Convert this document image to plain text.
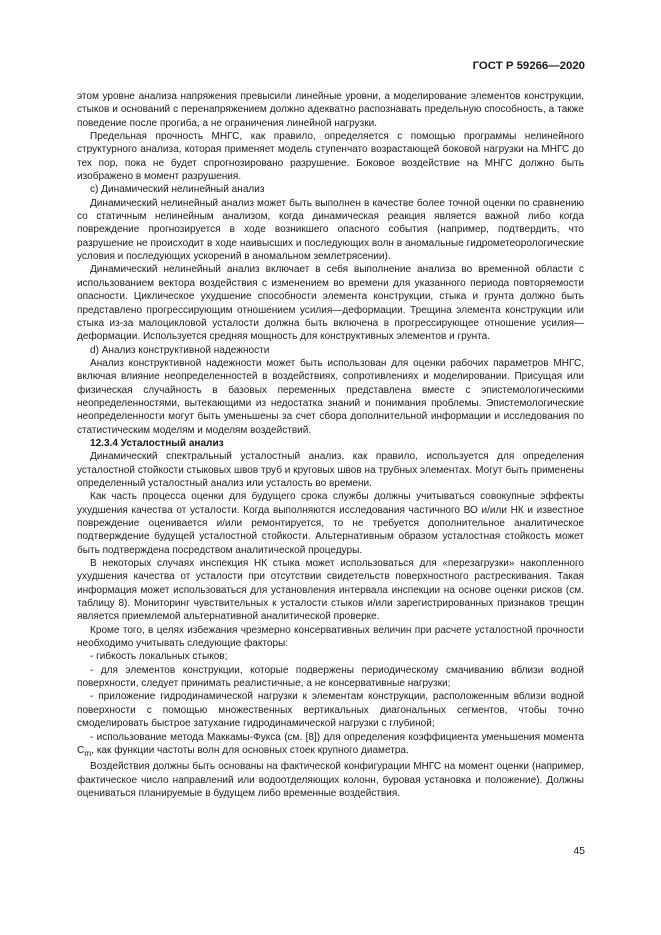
ГОСТ Р 59266—2020

этом уровне анализа напряжения превысили линейные уровни, а моделирование элементов конструкции, стыков и оснований с перенапряжением должно адекватно распознавать предельную способность, а также поведение после прогиба, а не ограничения линейной нагрузки.

Предельная прочность МНГС, как правило, определяется с помощью программы нелинейного структурного анализа, которая применяет модель ступенчато возрастающей боковой нагрузки на МНГС до тех пор, пока не будет спрогнозировано разрушение. Боковое воздействие на МНГС должно быть изображено в момент разрушения.

c) Динамический нелинейный анализ

Динамический нелинейный анализ может быть выполнен в качестве более точной оценки по сравнению со статичным нелинейным анализом, когда динамическая реакция является важной либо когда повреждение прогнозируется в ходе возникшего опасного события (например, подтвердить, что разрушение не происходит в ходе наивысших и последующих волн в аномальные гидрометеорологические условия и последующих ускорений в аномальном землетрясении).

Динамический нелинейный анализ включает в себя выполнение анализа во временной области с использованием вектора воздействия с изменением во времени для указанного периода повторяемости опасности. Циклическое ухудшение способности элемента конструкции, стыка и грунта должно быть представлено прогрессирующим отношением усилия—деформации. Трещина элемента конструкции или стыка из-за малоцикловой усталости должна быть включена в прогрессирующее отношение усилия—деформации. Используется средняя мощность для конструктивных элементов и грунта.

d) Анализ конструктивной надежности

Анализ конструктивной надежности может быть использован для оценки рабочих параметров МНГС, включая влияние неопределенностей в воздействиях, сопротивлениях и моделировании. Присущая или физическая случайность в базовых переменных представлена вместе с эпистемологическими неопределенностями, вытекающими из недостатка знаний и понимания проблемы. Эпистемологические неопределенности могут быть уменьшены за счет сбора дополнительной информации и исследования по статистическим моделям и моделям воздействий.

12.3.4 Усталостный анализ

Динамический спектральный усталостный анализ, как правило, используется для определения усталостной стойкости стыковых швов труб и круговых швов на трубных элементах. Могут быть применены определенный усталостный анализ или усталость во времени.

Как часть процесса оценки для будущего срока службы должны учитываться совокупные эффекты ухудшения качества от усталости. Когда выполняются исследования частичного ВО и/или НК и известное повреждение оценивается и/или ремонтируется, то не требуется дополнительное аналитическое подтверждение будущей усталостной стойкости. Альтернативным образом усталостная стойкость может быть подтверждена посредством аналитической процедуры.

В некоторых случаях инспекция НК стыка может использоваться для «перезагрузки» накопленного ухудшения качества от усталости при отсутствии свидетельств поверхностного растрескивания. Такая информация может использоваться для установления интервала инспекции на основе оценки рисков (см. таблицу 8). Мониторинг чувствительных к усталости стыков и/или зарегистрированных признаков трещин является приемлемой альтернативной аналитической проверке.

Кроме того, в целях избежания чрезмерно консервативных величин при расчете усталостной прочности необходимо учитывать следующие факторы:

- гибкость локальных стыков;

- для элементов конструкции, которые подвержены периодическому смачиванию вблизи водной поверхности, следует принимать реалистичные, а не консервативные нагрузки;

- приложение гидродинамической нагрузки к элементам конструкции, расположенным вблизи водной поверхности с помощью множественных вертикальных диагональных сегментов, чтобы точно смоделировать быстрое затухание гидродинамической нагрузки с глубиной;

- использование метода Маккамы-Фукса (см. [8]) для определения коэффициента уменьшения момента $C_m$, как функции частоты волн для основных стоек крупного диаметра.

Воздействия должны быть основаны на фактической конфигурации МНГС на момент оценки (например, фактическое число направлений или водоотделяющих колонн, буровая установка и положение). Должны оцениваться планируемые в будущем либо временные воздействия.

45
